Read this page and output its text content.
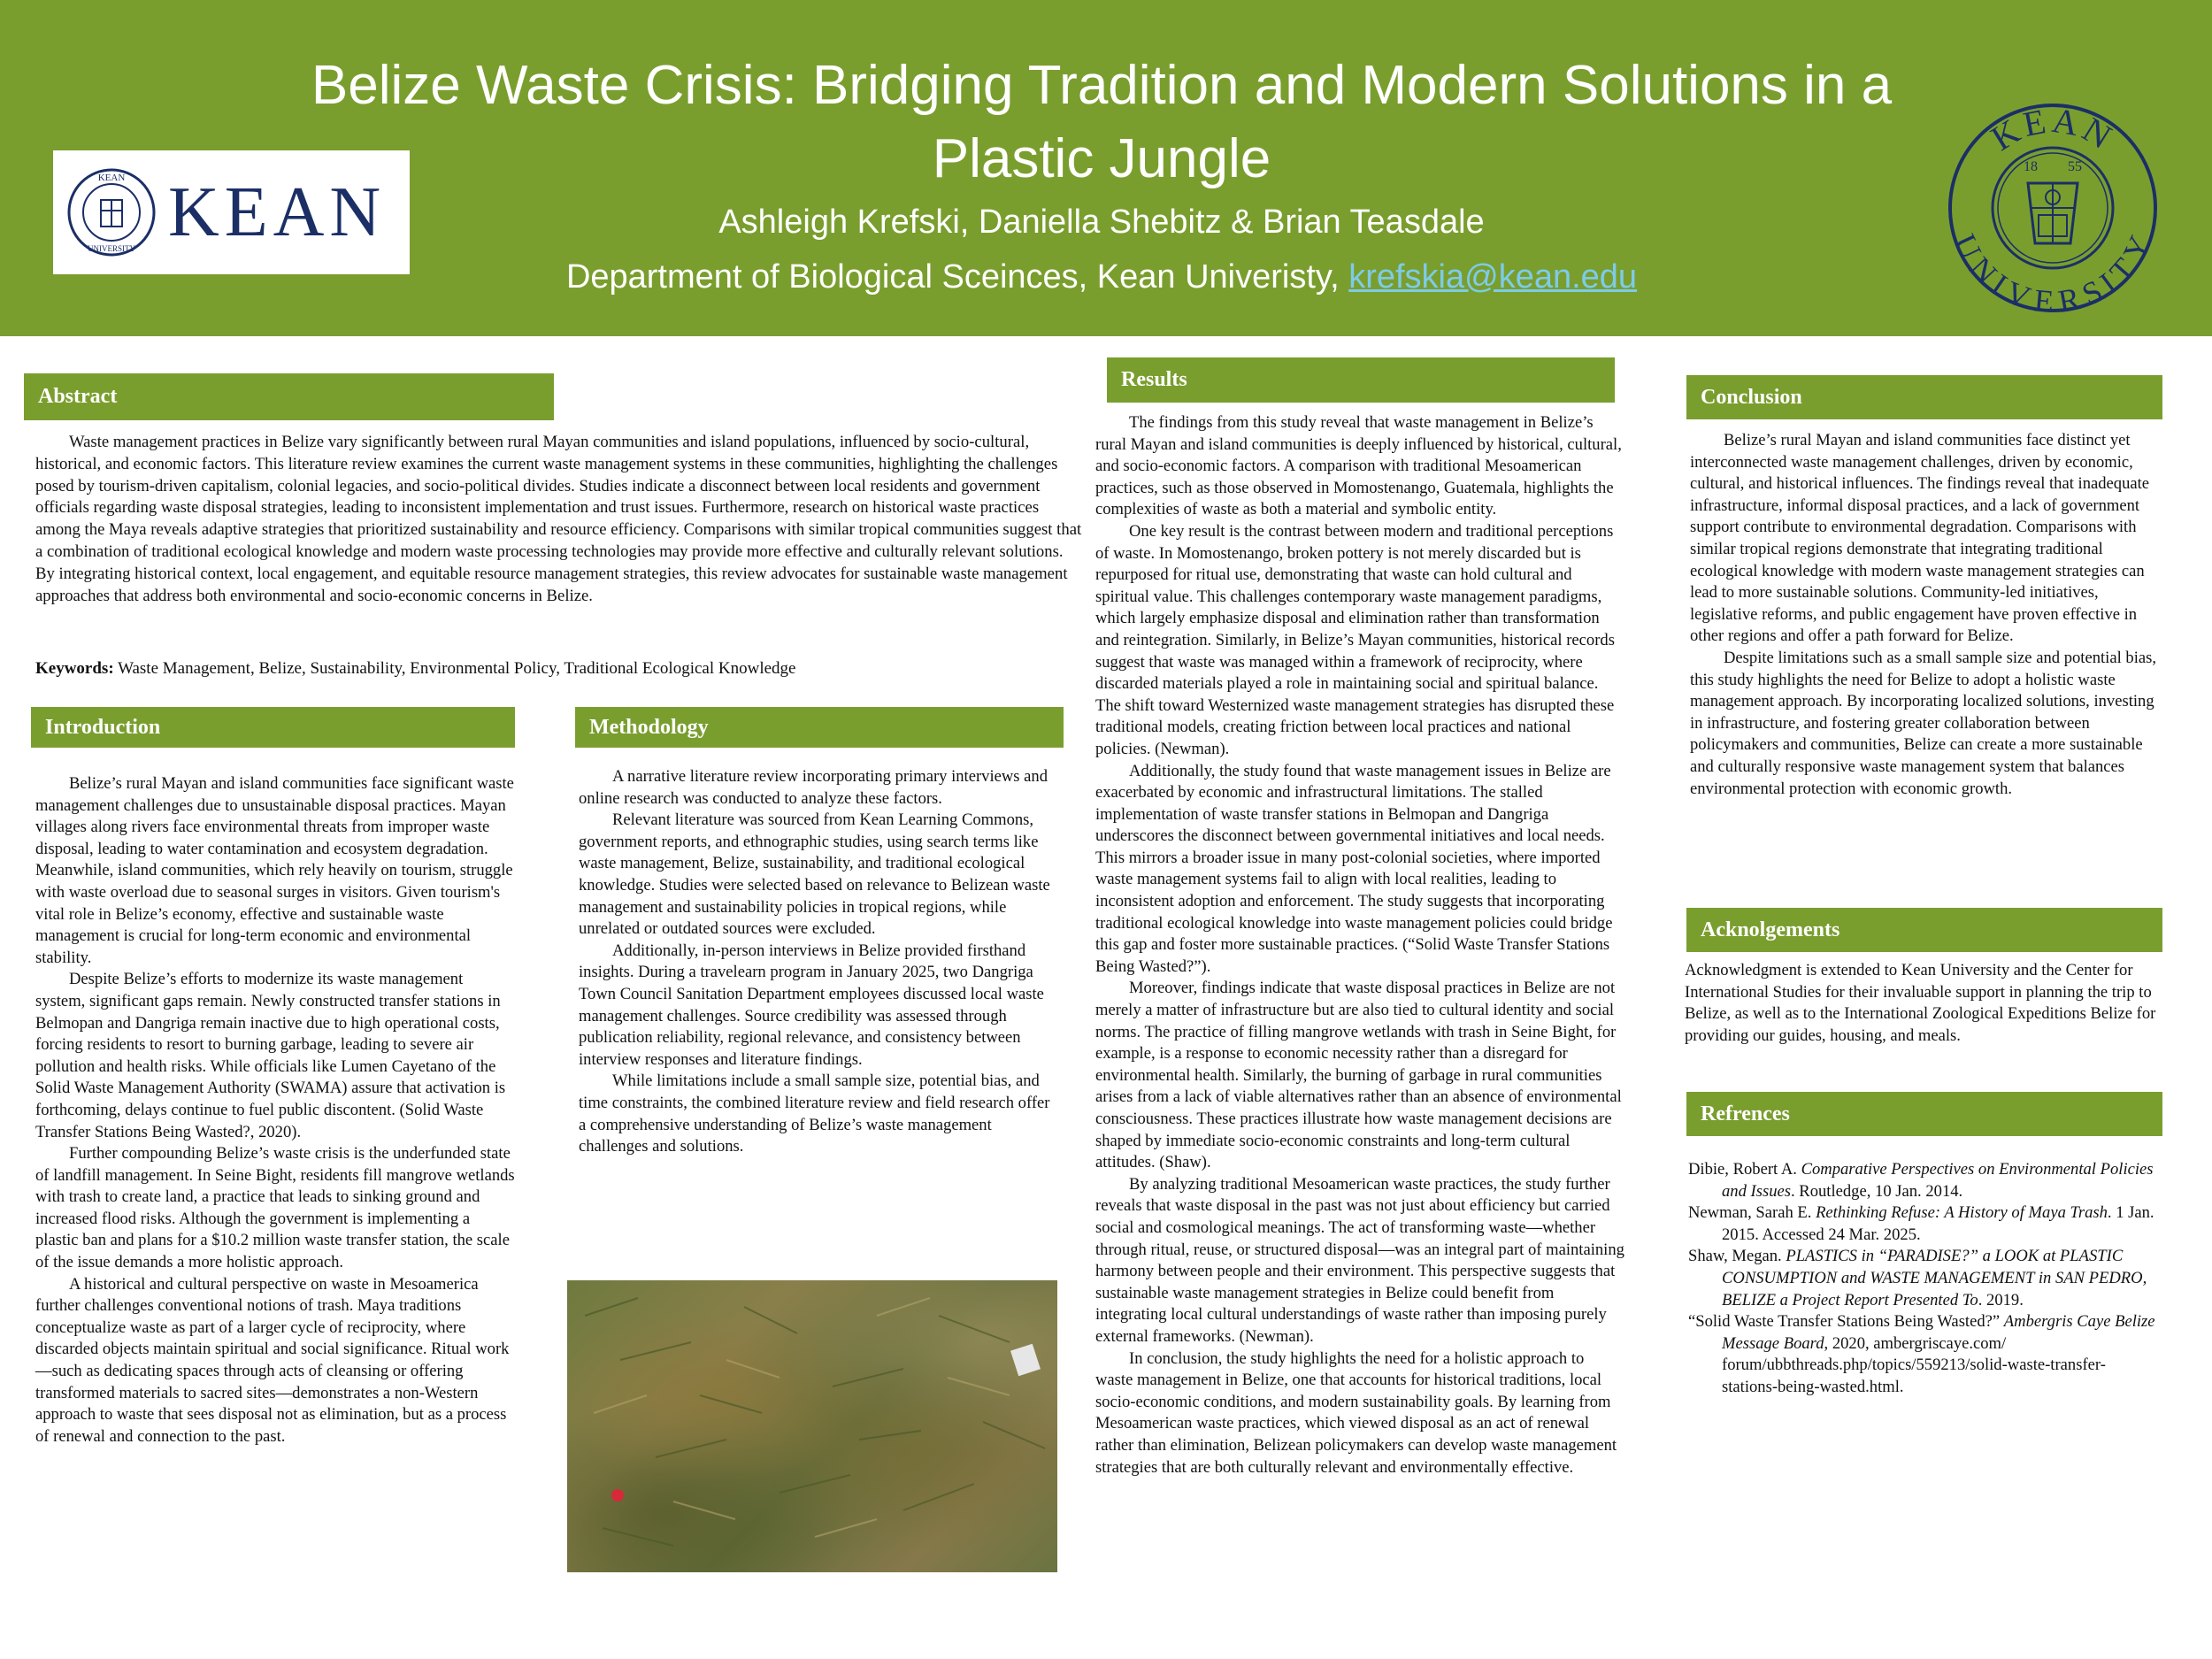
Belize Waste Crisis: Bridging Tradition and Modern Solutions in a
Plastic Jungle
Ashleigh Krefski, Daniella Shebitz & Brian Teasdale
Department of Biological Sceinces, Kean Univeristy, krefskia@kean.edu
KEAN
UNIVERSITY KEAN
KEAN
UNIVERSITY
18 55
Abstract

Waste management practices in Belize vary significantly between rural Mayan communities and island populations, influenced by socio-cultural, historical, and economic factors. This literature review examines the current waste management systems in these communities, highlighting the challenges posed by tourism-driven capitalism, colonial legacies, and socio-political divides. Studies indicate a disconnect between local residents and government officials regarding waste disposal strategies, leading to inconsistent implementation and trust issues. Furthermore, research on historical waste practices among the Maya reveals adaptive strategies that prioritized sustainability and resource efficiency. Comparisons with similar tropical communities suggest that a combination of traditional ecological knowledge and modern waste processing technologies may provide more effective and culturally relevant solutions. By integrating historical context, local engagement, and equitable resource management strategies, this review advocates for sustainable waste management approaches that address both environmental and socio-economic concerns in Belize.

Keywords: Waste Management, Belize, Sustainability, Environmental Policy, Traditional Ecological Knowledge

Introduction

Belize’s rural Mayan and island communities face significant waste management challenges due to unsustainable disposal practices. Mayan villages along rivers face environmental threats from improper waste disposal, leading to water contamination and ecosystem degradation. Meanwhile, island communities, which rely heavily on tourism, struggle with waste overload due to seasonal surges in visitors. Given tourism's vital role in Belize’s economy, effective and sustainable waste management is crucial for long-term economic and environmental stability.

Despite Belize’s efforts to modernize its waste management system, significant gaps remain. Newly constructed transfer stations in Belmopan and Dangriga remain inactive due to high operational costs, forcing residents to resort to burning garbage, leading to severe air pollution and health risks. While officials like Lumen Cayetano of the Solid Waste Management Authority (SWAMA) assure that activation is forthcoming, delays continue to fuel public discontent. (Solid Waste Transfer Stations Being Wasted?, 2020).

Further compounding Belize’s waste crisis is the underfunded state of landfill management. In Seine Bight, residents fill mangrove wetlands with trash to create land, a practice that leads to sinking ground and increased flood risks. Although the government is implementing a plastic ban and plans for a $10.2 million waste transfer station, the scale of the issue demands a more holistic approach.

A historical and cultural perspective on waste in Mesoamerica further challenges conventional notions of trash. Maya traditions conceptualize waste as part of a larger cycle of reciprocity, where discarded objects maintain spiritual and social significance. Ritual work—such as dedicating spaces through acts of cleansing or offering transformed materials to sacred sites—demonstrates a non-Western approach to waste that sees disposal not as elimination, but as a process of renewal and connection to the past.

Methodology

A narrative literature review incorporating primary interviews and online research was conducted to analyze these factors.

Relevant literature was sourced from Kean Learning Commons, government reports, and ethnographic studies, using search terms like waste management, Belize, sustainability, and traditional ecological knowledge. Studies were selected based on relevance to Belizean waste management and sustainability policies in tropical regions, while unrelated or outdated sources were excluded.

Additionally, in-person interviews in Belize provided firsthand insights. During a travelearn program in January 2025, two Dangriga Town Council Sanitation Department employees discussed local waste management challenges. Source credibility was assessed through publication reliability, regional relevance, and consistency between interview responses and literature findings.

While limitations include a small sample size, potential bias, and time constraints, the combined literature review and field research offer a comprehensive understanding of Belize’s waste management challenges and solutions.

Results

The findings from this study reveal that waste management in Belize’s rural Mayan and island communities is deeply influenced by historical, cultural, and socio-economic factors. A comparison with traditional Mesoamerican practices, such as those observed in Momostenango, Guatemala, highlights the complexities of waste as both a material and symbolic entity.

One key result is the contrast between modern and traditional perceptions of waste. In Momostenango, broken pottery is not merely discarded but is repurposed for ritual use, demonstrating that waste can hold cultural and spiritual value. This challenges contemporary waste management paradigms, which largely emphasize disposal and elimination rather than transformation and reintegration. Similarly, in Belize’s Mayan communities, historical records suggest that waste was managed within a framework of reciprocity, where discarded materials played a role in maintaining social and spiritual balance. The shift toward Westernized waste management strategies has disrupted these traditional models, creating friction between local practices and national policies. (Newman).

Additionally, the study found that waste management issues in Belize are exacerbated by economic and infrastructural limitations. The stalled implementation of waste transfer stations in Belmopan and Dangriga underscores the disconnect between governmental initiatives and local needs. This mirrors a broader issue in many post-colonial societies, where imported waste management systems fail to align with local realities, leading to inconsistent adoption and enforcement. The study suggests that incorporating traditional ecological knowledge into waste management policies could bridge this gap and foster more sustainable practices. (“Solid Waste Transfer Stations Being Wasted?”).

Moreover, findings indicate that waste disposal practices in Belize are not merely a matter of infrastructure but are also tied to cultural identity and social norms. The practice of filling mangrove wetlands with trash in Seine Bight, for example, is a response to economic necessity rather than a disregard for environmental health. Similarly, the burning of garbage in rural communities arises from a lack of viable alternatives rather than an absence of environmental consciousness. These practices illustrate how waste management decisions are shaped by immediate socio-economic constraints and long-term cultural attitudes. (Shaw).

By analyzing traditional Mesoamerican waste practices, the study further reveals that waste disposal in the past was not just about efficiency but carried social and cosmological meanings. The act of transforming waste—whether through ritual, reuse, or structured disposal—was an integral part of maintaining harmony between people and their environment. This perspective suggests that sustainable waste management strategies in Belize could benefit from integrating local cultural understandings of waste rather than imposing purely external frameworks. (Newman).

In conclusion, the study highlights the need for a holistic approach to waste management in Belize, one that accounts for historical traditions, local socio-economic conditions, and modern sustainability goals. By learning from Mesoamerican waste practices, which viewed disposal as an act of renewal rather than elimination, Belizean policymakers can develop waste management strategies that are both culturally relevant and environmentally effective.

Conclusion

Belize’s rural Mayan and island communities face distinct yet interconnected waste management challenges, driven by economic, cultural, and historical influences. The findings reveal that inadequate infrastructure, informal disposal practices, and a lack of government support contribute to environmental degradation. Comparisons with similar tropical regions demonstrate that integrating traditional ecological knowledge with modern waste management strategies can lead to more sustainable solutions. Community-led initiatives, legislative reforms, and public engagement have proven effective in other regions and offer a path forward for Belize.

Despite limitations such as a small sample size and potential bias, this study highlights the need for Belize to adopt a holistic waste management approach. By incorporating localized solutions, investing in infrastructure, and fostering greater collaboration between policymakers and communities, Belize can create a more sustainable and culturally responsive waste management system that balances environmental protection with economic growth.

Acknolgements

Acknowledgment is extended to Kean University and the Center for International Studies for their invaluable support in planning the trip to Belize, as well as to the International Zoological Expeditions Belize for providing our guides, housing, and meals.

Refrences

Dibie, Robert A. Comparative Perspectives on Environmental Policies and Issues. Routledge, 10 Jan. 2014.

Newman, Sarah E. Rethinking Refuse: A History of Maya Trash. 1 Jan. 2015. Accessed 24 Mar. 2025.

Shaw, Megan. PLASTICS in “PARADISE?” a LOOK at PLASTIC CONSUMPTION and WASTE MANAGEMENT in SAN PEDRO, BELIZE a Project Report Presented To. 2019.

“Solid Waste Transfer Stations Being Wasted?” Ambergris Caye Belize Message Board, 2020, ambergriscaye.com/ forum/ubbthreads.php/topics/559213/solid-waste-transfer-stations-being-wasted.html.
